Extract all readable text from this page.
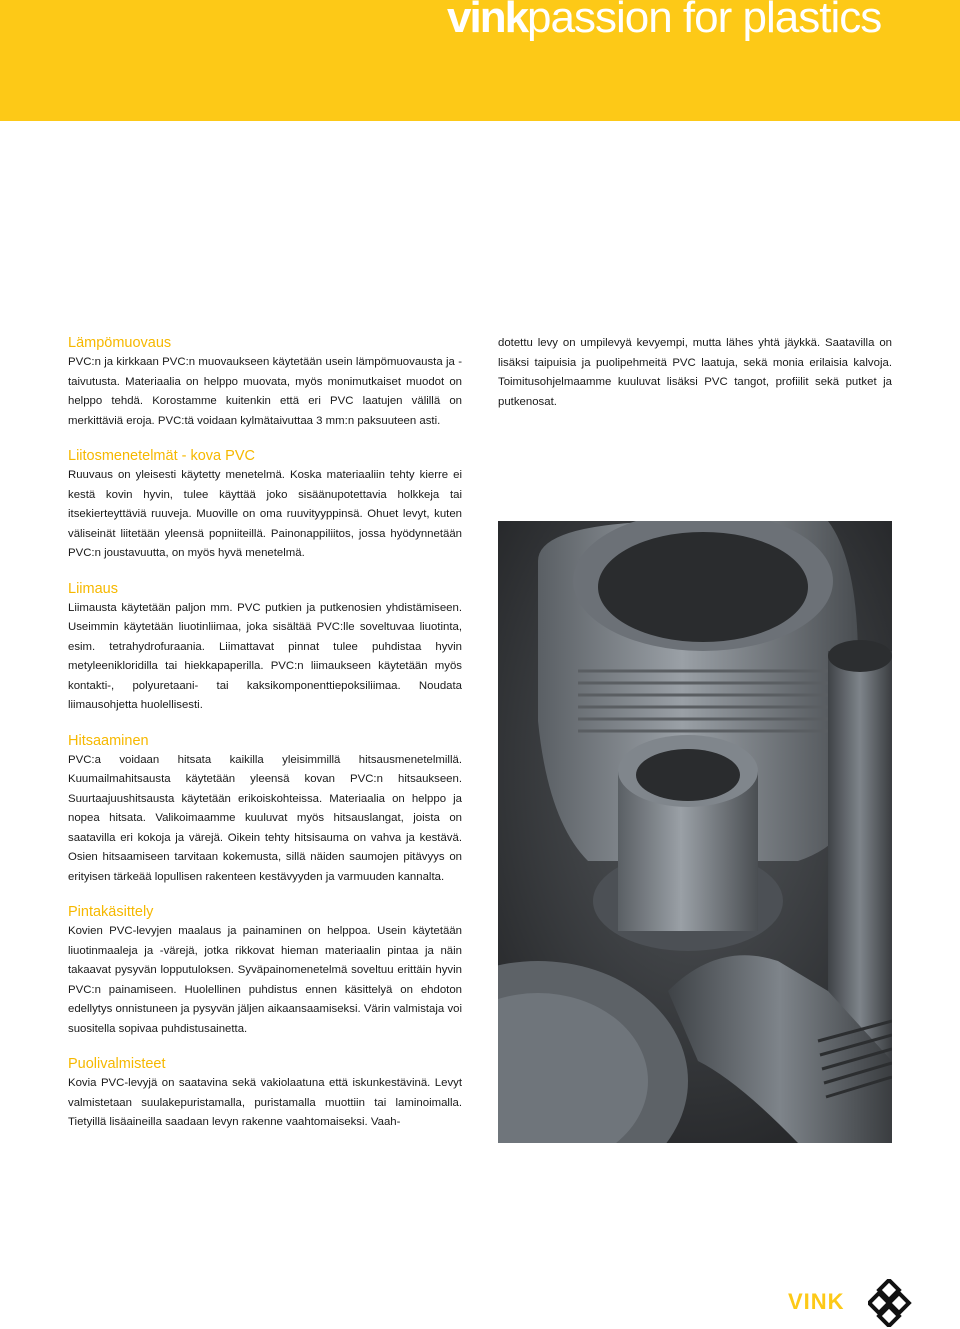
vinkpassion for plastics
Lämpömuovaus

PVC:n ja kirkkaan PVC:n muovaukseen käytetään usein lämpömuovausta ja -taivutusta. Materiaalia on helppo muovata, myös monimutkaiset muodot on helppo tehdä. Korostamme kuitenkin että eri PVC laatujen välillä on merkittäviä eroja. PVC:tä voidaan kylmätaivuttaa 3 mm:n paksuuteen asti.

Liitosmenetelmät - kova PVC

Ruuvaus on yleisesti käytetty menetelmä. Koska materiaaliin tehty kierre ei kestä kovin hyvin, tulee käyttää joko sisäänupotettavia holkkeja tai itsekierteyttäviä ruuveja. Muoville on oma ruuvityyppinsä. Ohuet levyt, kuten väliseinät liitetään yleensä popniiteillä. Painonappiliitos, jossa hyödynnetään PVC:n joustavuutta, on myös hyvä menetelmä.

Liimaus

Liimausta käytetään paljon mm. PVC putkien ja putkenosien yhdistämiseen. Useimmin käytetään liuotinliimaa, joka sisältää PVC:lle soveltuvaa liuotinta, esim. tetrahydrofuraania. Liimattavat pinnat tulee puhdistaa hyvin metyleenikloridilla tai hiekkapaperilla. PVC:n liimaukseen käytetään myös kontakti-, polyuretaani- tai kaksikomponenttiepoksiliimaa. Noudata liimausohjetta huolellisesti.

Hitsaaminen

PVC:a voidaan hitsata kaikilla yleisimmillä hitsausmenetelmillä. Kuumailmahitsausta käytetään yleensä kovan PVC:n hitsaukseen. Suurtaajuushitsausta käytetään erikoiskohteissa. Materiaalia on helppo ja nopea hitsata. Valikoimaamme kuuluvat myös hitsauslangat, joista on saatavilla eri kokoja ja värejä. Oikein tehty hitsisauma on vahva ja kestävä. Osien hitsaamiseen tarvitaan kokemusta, sillä näiden saumojen pitävyys on erityisen tärkeää lopullisen rakenteen kestävyyden ja varmuuden kannalta.

Pintakäsittely

Kovien PVC-levyjen maalaus ja painaminen on helppoa. Usein käytetään liuotinmaaleja ja -värejä, jotka rikkovat hieman materiaalin pintaa ja näin takaavat pysyvän lopputuloksen. Syväpainomenetelmä soveltuu erittäin hyvin PVC:n painamiseen. Huolellinen puhdistus ennen käsittelyä on ehdoton edellytys onnistuneen ja pysyvän jäljen aikaansaamiseksi. Värin valmistaja voi suositella sopivaa puhdistusainetta.

Puolivalmisteet

Kovia PVC-levyjä on saatavina sekä vakiolaatuna että iskunkestävinä. Levyt valmistetaan suulakepuristamalla, puristamalla muottiin tai laminoimalla. Tietyillä lisäaineilla saadaan levyn rakenne vaahtomaiseksi. Vaah-

dotettu levy on umpilevyä kevyempi, mutta lähes yhtä jäykkä. Saatavilla on lisäksi taipuisia ja puolipehmeitä PVC laatuja, sekä monia erilaisia kalvoja. Toimitusohjelmaamme kuuluvat lisäksi PVC tangot, profiilit sekä putket ja putkenosat.

VINK
